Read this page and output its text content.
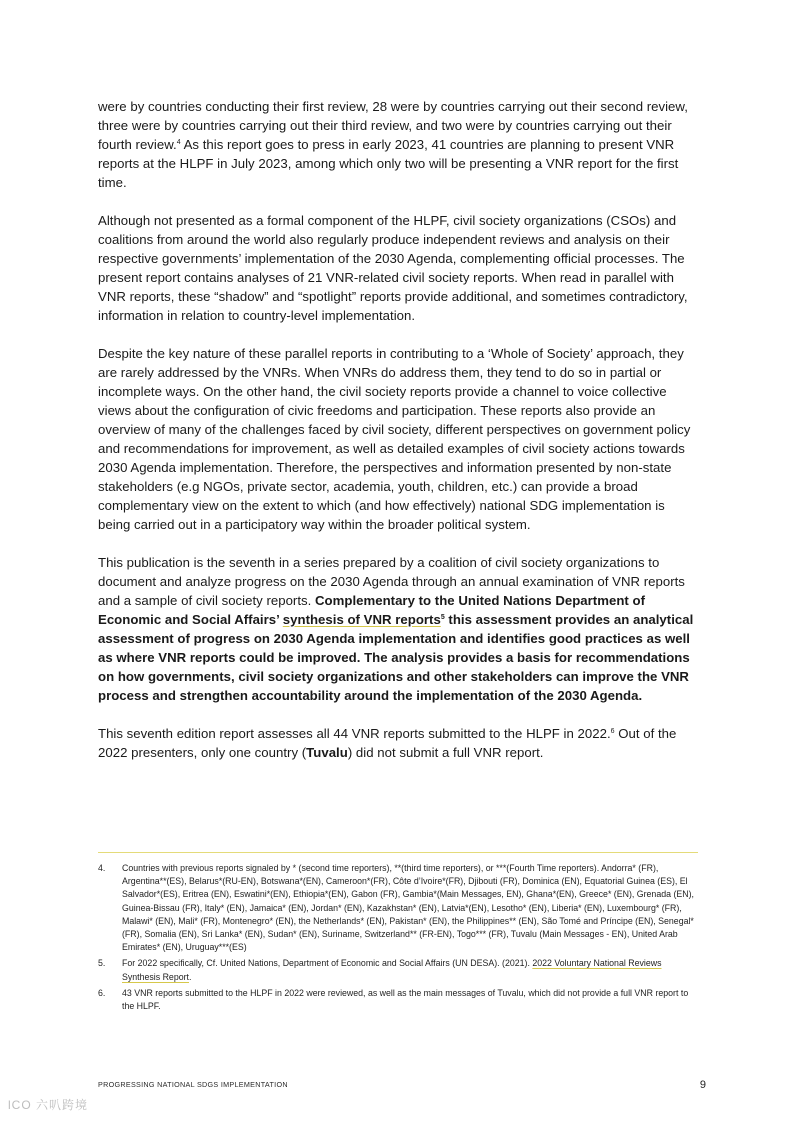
were by countries conducting their first review, 28 were by countries carrying out their second review, three were by countries carrying out their third review, and two were by countries carrying out their fourth review.$^4$ As this report goes to press in early 2023, 41 countries are planning to present VNR reports at the HLPF in July 2023, among which only two will be presenting a VNR report for the first time.

Although not presented as a formal component of the HLPF, civil society organizations (CSOs) and coalitions from around the world also regularly produce independent reviews and analysis on their respective governments’ implementation of the 2030 Agenda, complementing official processes. The present report contains analyses of 21 VNR-related civil society reports. When read in parallel with VNR reports, these “shadow” and “spotlight” reports provide additional, and sometimes contradictory, information in relation to country-level implementation.

Despite the key nature of these parallel reports in contributing to a ‘Whole of Society’ approach, they are rarely addressed by the VNRs. When VNRs do address them, they tend to do so in partial or incomplete ways. On the other hand, the civil society reports provide a channel to voice collective views about the configuration of civic freedoms and participation. These reports also provide an overview of many of the challenges faced by civil society, different perspectives on government policy and recommendations for improvement, as well as detailed examples of civil society actions towards 2030 Agenda implementation. Therefore, the perspectives and information presented by non-state stakeholders (e.g NGOs, private sector, academia, youth, children, etc.) can provide a broad complementary view on the extent to which (and how effectively) national SDG implementation is being carried out in a participatory way within the broader political system.

This publication is the seventh in a series prepared by a coalition of civil society organizations to document and analyze progress on the 2030 Agenda through an annual examination of VNR reports and a sample of civil society reports. Complementary to the United Nations Department of Economic and Social Affairs’ synthesis of VNR reports$^5$ this assessment provides an analytical assessment of progress on 2030 Agenda implementation and identifies good practices as well as where VNR reports could be improved. The analysis provides a basis for recommendations on how governments, civil society organizations and other stakeholders can improve the VNR process and strengthen accountability around the implementation of the 2030 Agenda.

This seventh edition report assesses all 44 VNR reports submitted to the HLPF in 2022.$^6$ Out of the 2022 presenters, only one country (Tuvalu) did not submit a full VNR report.

4.	Countries with previous reports signaled by * (second time reporters), **(third time reporters), or ***(Fourth Time reporters). Andorra* (FR), Argentina**(ES), Belarus*(RU-EN), Botswana*(EN), Cameroon*(FR), Côte d’Ivoire*(FR), Djibouti (FR), Dominica (EN), Equatorial Guinea (ES), El Salvador*(ES), Eritrea (EN), Eswatini*(EN), Ethiopia*(EN), Gabon (FR), Gambia*(Main Messages, EN), Ghana*(EN), Greece* (EN), Grenada (EN), Guinea-Bissau (FR), Italy* (EN), Jamaica* (EN), Jordan* (EN), Kazakhstan* (EN), Latvia*(EN), Lesotho* (EN), Liberia* (EN), Luxembourg* (FR), Malawi* (EN), Mali* (FR), Montenegro* (EN), the Netherlands* (EN), Pakistan* (EN), the Philippines** (EN), São Tomé and Príncipe (EN), Senegal* (FR), Somalia (EN), Sri Lanka* (EN), Sudan* (EN), Suriname, Switzerland** (FR-EN), Togo*** (FR), Tuvalu (Main Messages - EN), United Arab Emirates* (EN), Uruguay***(ES)
5.	For 2022 specifically, Cf. United Nations, Department of Economic and Social Affairs (UN DESA). (2021). 2022 Voluntary National Reviews Synthesis Report.
6.	43 VNR reports submitted to the HLPF in 2022 were reviewed, as well as the main messages of Tuvalu, which did not provide a full VNR report to the HLPF.
PROGRESSING NATIONAL SDGS IMPLEMENTATION	9
lCO 六叭跨境
